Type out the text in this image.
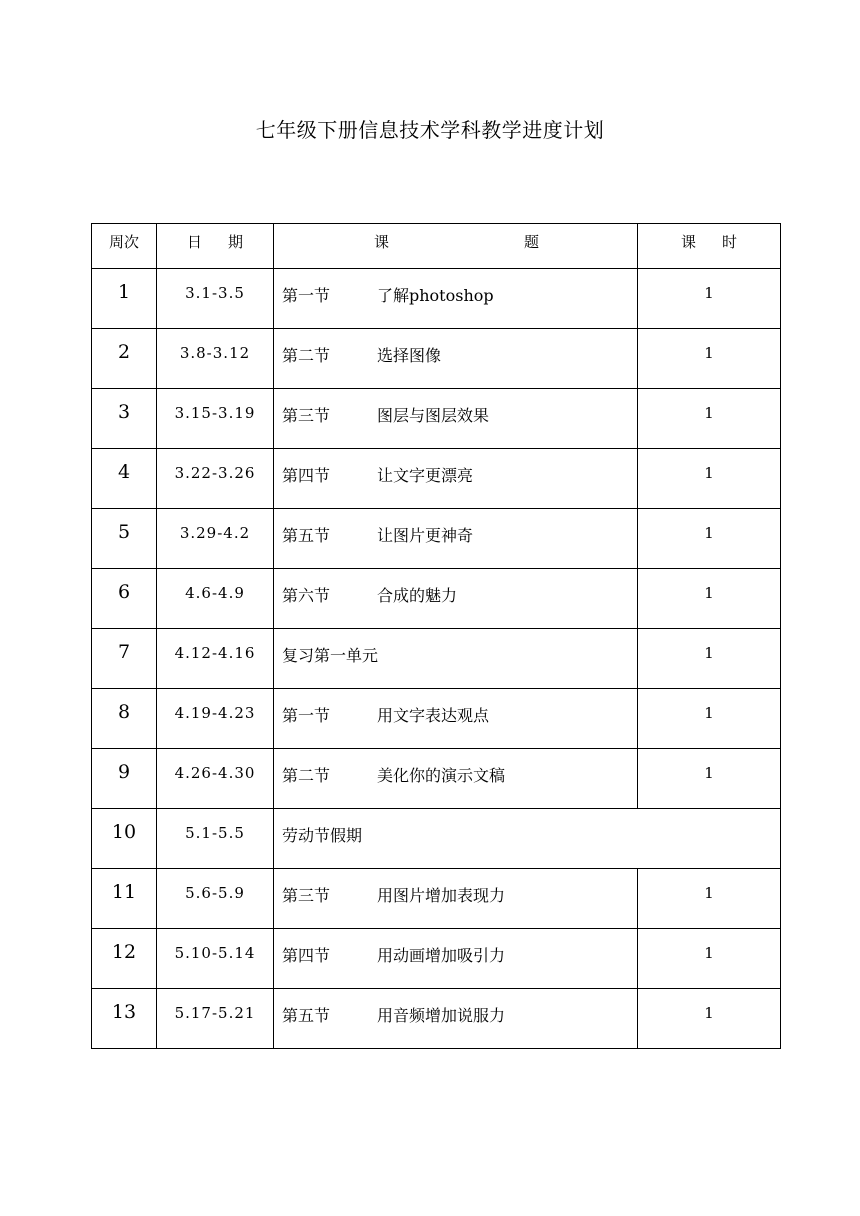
七年级下册信息技术学科教学进度计划
周次	日 期	课 题	课 时

1	3.1-3.5	第一节 了解photoshop	1
2	3.8-3.12	第二节 选择图像	1
3	3.15-3.19	第三节 图层与图层效果	1
4	3.22-3.26	第四节 让文字更漂亮	1
5	3.29-4.2	第五节 让图片更神奇	1
6	4.6-4.9	第六节 合成的魅力	1
7	4.12-4.16	复习第一单元	1
8	4.19-4.23	第一节 用文字表达观点	1
9	4.26-4.30	第二节 美化你的演示文稿	1
10	5.1-5.5	劳动节假期	
11	5.6-5.9	第三节 用图片增加表现力	1
12	5.10-5.14	第四节 用动画增加吸引力	1
13	5.17-5.21	第五节 用音频增加说服力	1
